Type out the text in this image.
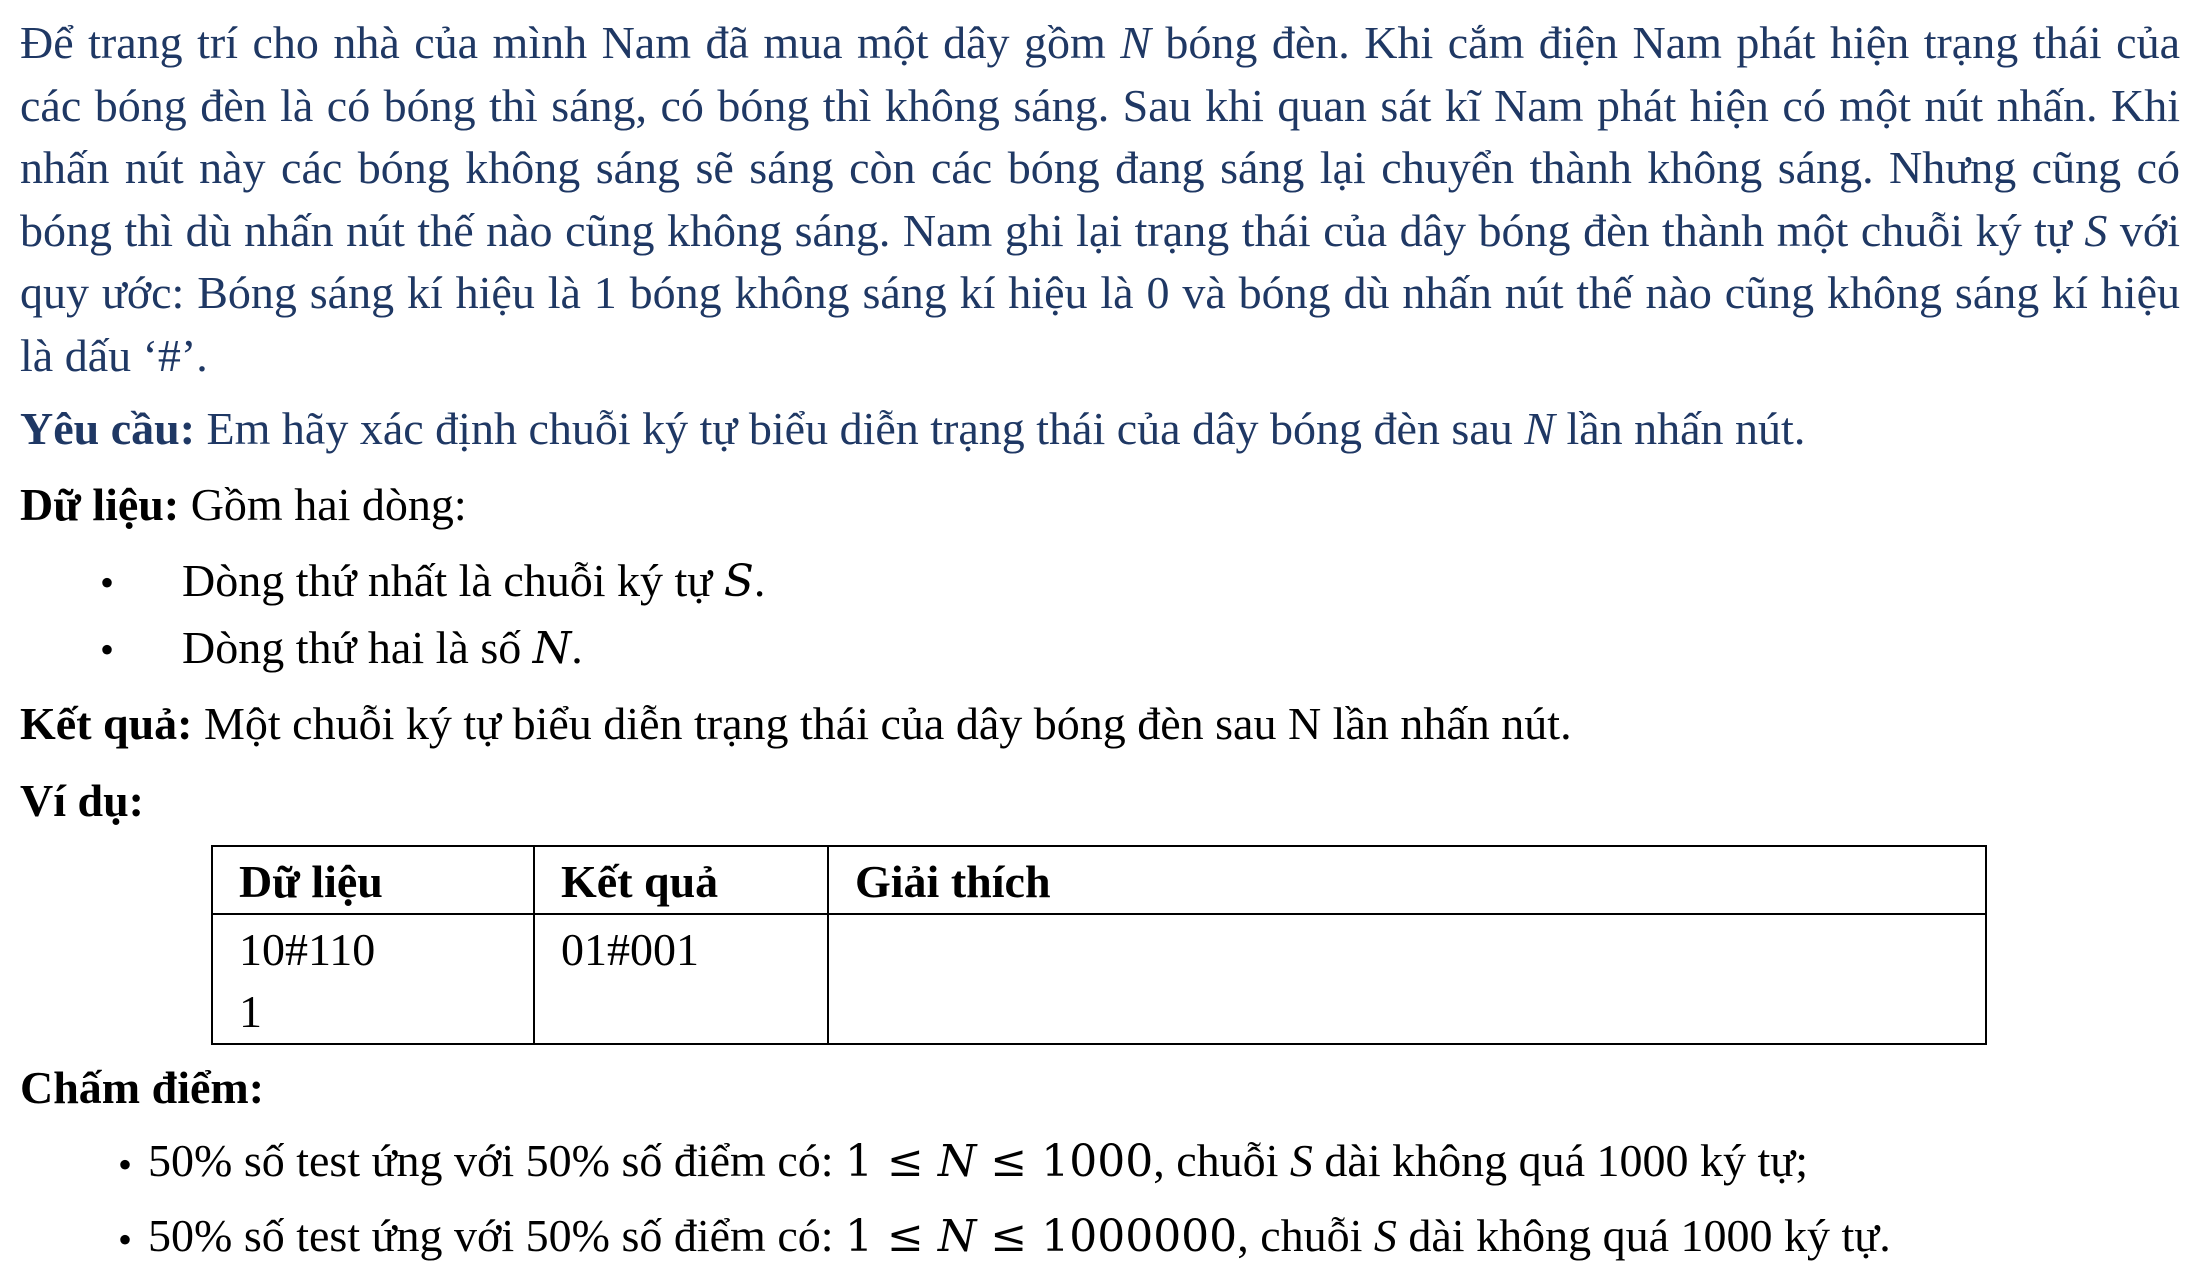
Để trang trí cho nhà của mình Nam đã mua một dây gồm N bóng đèn. Khi cắm điện Nam phát hiện trạng thái của các bóng đèn là có bóng thì sáng, có bóng thì không sáng. Sau khi quan sát kĩ Nam phát hiện có một nút nhấn. Khi nhấn nút này các bóng không sáng sẽ sáng còn các bóng đang sáng lại chuyển thành không sáng. Nhưng cũng có bóng thì dù nhấn nút thế nào cũng không sáng. Nam ghi lại trạng thái của dây bóng đèn thành một chuỗi ký tự S với quy ước: Bóng sáng kí hiệu là 1 bóng không sáng kí hiệu là 0 và bóng dù nhấn nút thế nào cũng không sáng kí hiệu là dấu ‘#’.
Yêu cầu: Em hãy xác định chuỗi ký tự biểu diễn trạng thái của dây bóng đèn sau N lần nhấn nút.
Dữ liệu: Gồm hai dòng:
• Dòng thứ nhất là chuỗi ký tự S.
• Dòng thứ hai là số N.
Kết quả: Một chuỗi ký tự biểu diễn trạng thái của dây bóng đèn sau N lần nhấn nút.
Ví dụ:
Dữ liệu	Kết quả	Giải thích

10#110
1	01#001	

Chấm điểm:
• 50% số test ứng với 50% số điểm có: 1 ≤ N ≤ 1000, chuỗi S dài không quá 1000 ký tự;
• 50% số test ứng với 50% số điểm có: 1 ≤ N ≤ 1000000, chuỗi S dài không quá 1000 ký tự.
